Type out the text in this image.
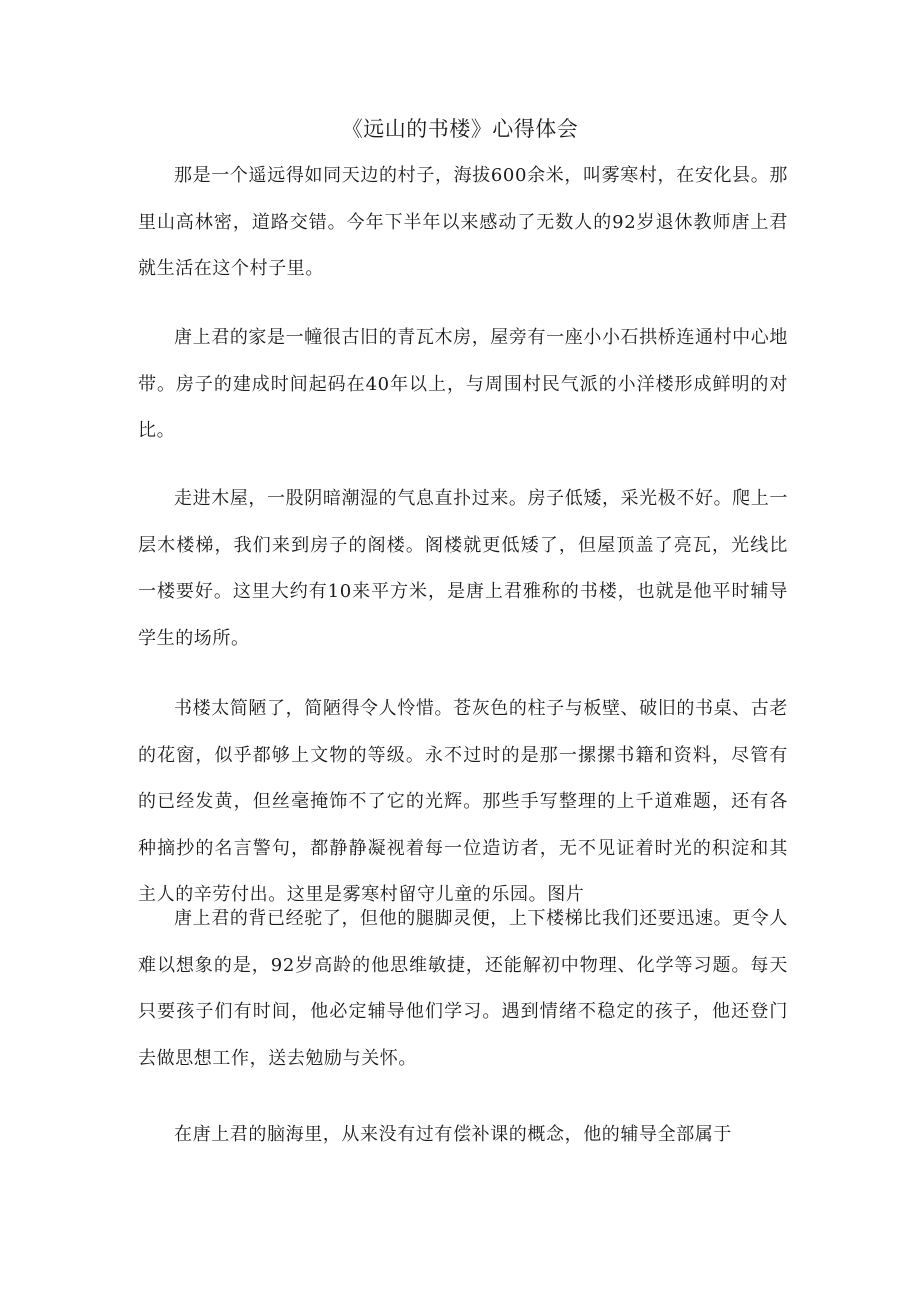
《远山的书楼》心得体会

那是一个遥远得如同天边的村子，海拔600余米，叫雾寒村，在安化县。那里山高林密，道路交错。今年下半年以来感动了无数人的92岁退休教师唐上君就生活在这个村子里。

唐上君的家是一幢很古旧的青瓦木房，屋旁有一座小小石拱桥连通村中心地带。房子的建成时间起码在40年以上，与周围村民气派的小洋楼形成鲜明的对比。

走进木屋，一股阴暗潮湿的气息直扑过来。房子低矮，采光极不好。爬上一层木楼梯，我们来到房子的阁楼。阁楼就更低矮了，但屋顶盖了亮瓦，光线比一楼要好。这里大约有10来平方米，是唐上君雅称的书楼，也就是他平时辅导学生的场所。

书楼太简陋了，简陋得令人怜惜。苍灰色的柱子与板壁、破旧的书桌、古老的花窗，似乎都够上文物的等级。永不过时的是那一摞摞书籍和资料，尽管有的已经发黄，但丝毫掩饰不了它的光辉。那些手写整理的上千道难题，还有各种摘抄的名言警句，都静静凝视着每一位造访者，无不见证着时光的积淀和其主人的辛劳付出。这里是雾寒村留守儿童的乐园。图片

唐上君的背已经驼了，但他的腿脚灵便，上下楼梯比我们还要迅速。更令人难以想象的是，92岁高龄的他思维敏捷，还能解初中物理、化学等习题。每天只要孩子们有时间，他必定辅导他们学习。遇到情绪不稳定的孩子，他还登门去做思想工作，送去勉励与关怀。

在唐上君的脑海里，从来没有过有偿补课的概念，他的辅导全部属于
